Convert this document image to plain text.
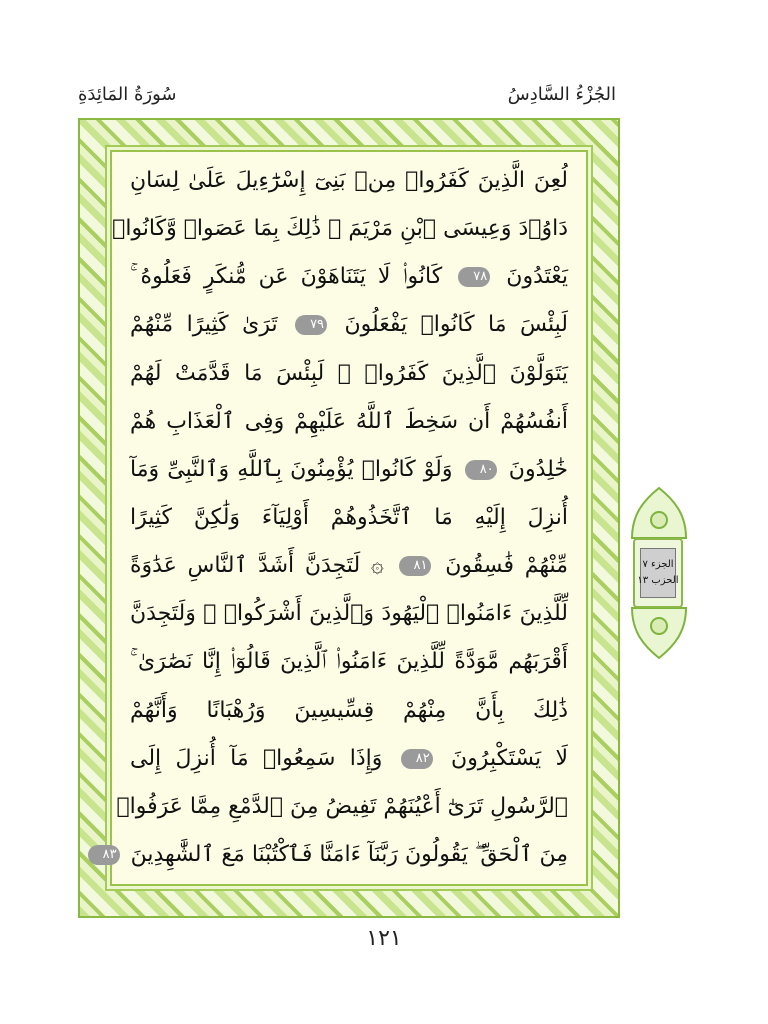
الجُزْءُ السَّادِسُ
سُورَةُ المَائِدَةِ
لُعِنَ الَّذِينَ كَفَرُوا۟ مِنۢ بَنِىٓ إِسْرَٰٓءِيلَ عَلَىٰ لِسَانِ
دَاوُۥدَ وَعِيسَى ٱبْنِ مَرْيَمَ ۚ ذَٰلِكَ بِمَا عَصَوا۟ وَّكَانُوا۟
يَعْتَدُونَ ٧٨ كَانُوا۟ لَا يَتَنَاهَوْنَ عَن مُّنكَرٍ فَعَلُوهُ ۚ
لَبِئْسَ مَا كَانُوا۟ يَفْعَلُونَ ٧٩ تَرَىٰ كَثِيرًا مِّنْهُمْ
يَتَوَلَّوْنَ ٱلَّذِينَ كَفَرُوا۟ ۚ لَبِئْسَ مَا قَدَّمَتْ لَهُمْ
أَنفُسُهُمْ أَن سَخِطَ ٱللَّهُ عَلَيْهِمْ وَفِى ٱلْعَذَابِ هُمْ
خَٰلِدُونَ ٨٠ وَلَوْ كَانُوا۟ يُؤْمِنُونَ بِٱللَّهِ وَٱلنَّبِىِّ وَمَآ
أُنزِلَ إِلَيْهِ مَا ٱتَّخَذُوهُمْ أَوْلِيَآءَ وَلَٰكِنَّ كَثِيرًا
مِّنْهُمْ فَٰسِقُونَ ٨١ ۞ لَتَجِدَنَّ أَشَدَّ ٱلنَّاسِ عَدَٰوَةً
لِّلَّذِينَ ءَامَنُوا۟ ٱلْيَهُودَ وَٱلَّذِينَ أَشْرَكُوا۟ ۖ وَلَتَجِدَنَّ
أَقْرَبَهُم مَّوَدَّةً لِّلَّذِينَ ءَامَنُوا۟ ٱلَّذِينَ قَالُوٓا۟ إِنَّا نَصَٰرَىٰ ۚ
ذَٰلِكَ بِأَنَّ مِنْهُمْ قِسِّيسِينَ وَرُهْبَانًا وَأَنَّهُمْ
لَا يَسْتَكْبِرُونَ ٨٢ وَإِذَا سَمِعُوا۟ مَآ أُنزِلَ إِلَى
ٱلرَّسُولِ تَرَىٰٓ أَعْيُنَهُمْ تَفِيضُ مِنَ ٱلدَّمْعِ مِمَّا عَرَفُوا۟
مِنَ ٱلْحَقِّ ۖ يَقُولُونَ رَبَّنَآ ءَامَنَّا فَٱكْتُبْنَا مَعَ ٱلشَّٰهِدِينَ ٨٣
الجزء ٧
الحزب ١٣
١٢١
